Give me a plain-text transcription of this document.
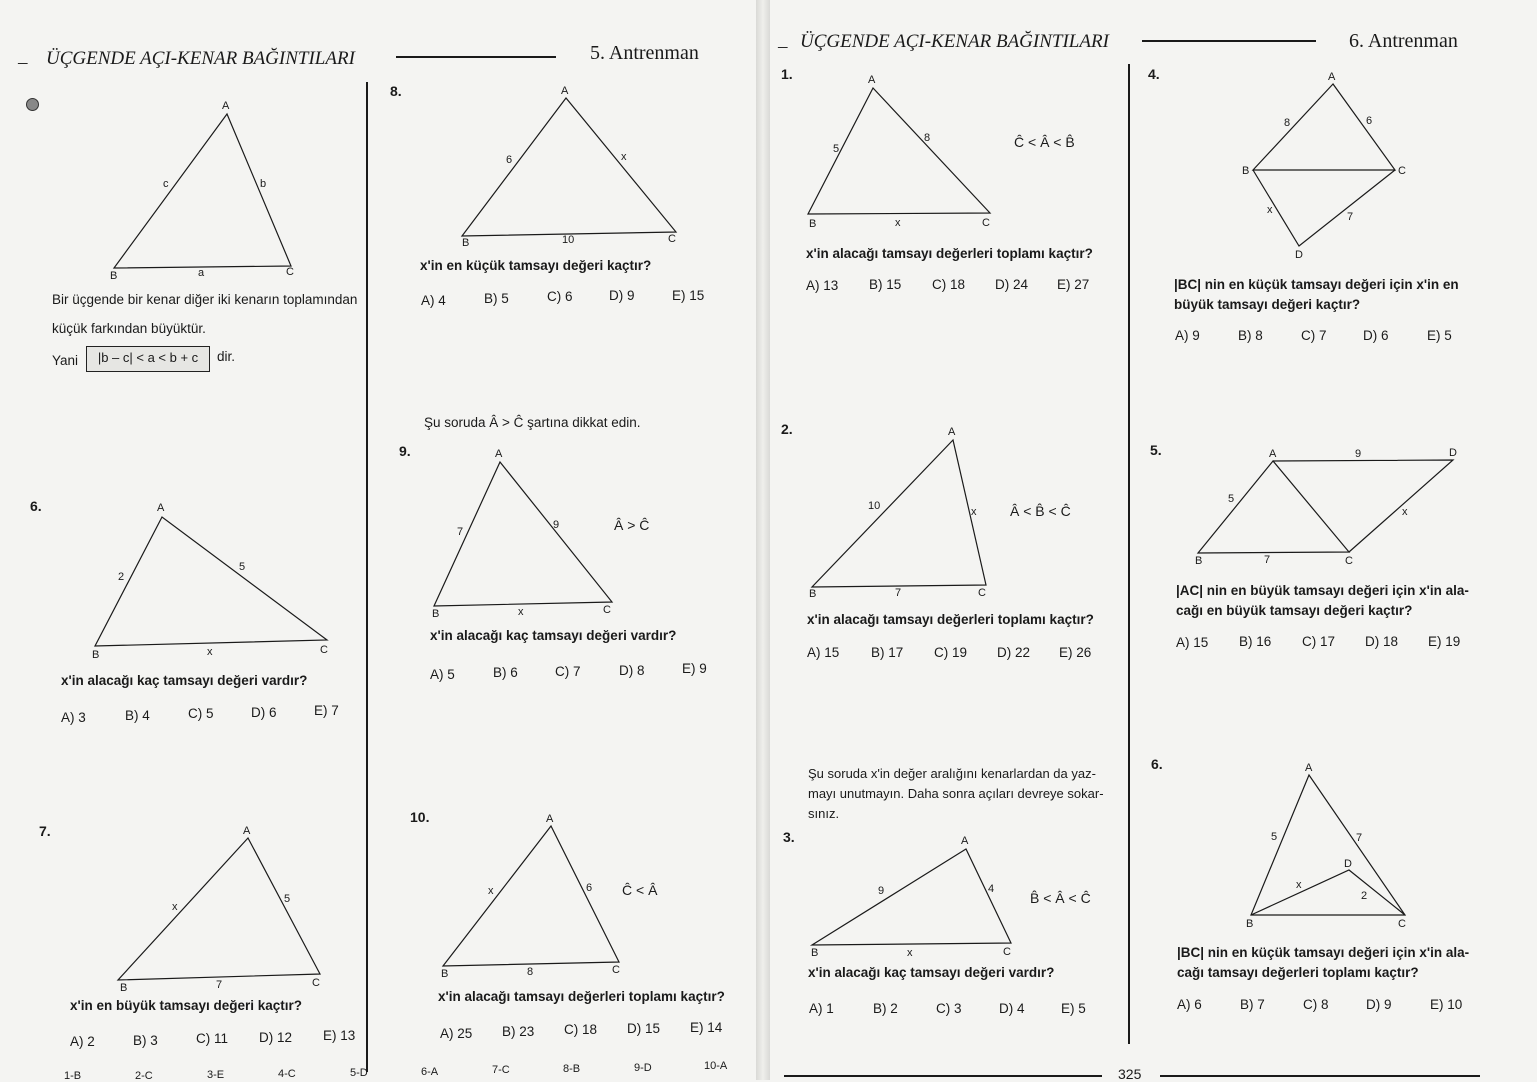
– ÜÇGENDE AÇI-KENAR BAĞINTILARI	5. Antrenman
A
B	C
c	b
a
Bir üçgende bir kenar diğer iki kenarın toplamından
küçük farkından büyüktür.
Yani	|b – c| < a < b + c	dir.
6.	A
B	C
2
5
x
x'in alacağı kaç tamsayı değeri vardır?
A) 3	B) 4	C) 5	D) 6	E) 7
7.	A
B	C
x
5
7
x'in en büyük tamsayı değeri kaçtır?
A) 2	B) 3	C) 11 D) 12 E) 13
8.	A
B	C
6	x
10
x'in en küçük tamsayı değeri kaçtır?
A) 4	B) 5	C) 6	D) 9	E) 15
Şu soruda Â > Ĉ şartına dikkat edin.
9.	A
B	C
7
9
x
Â > Ĉ
x'in alacağı kaç tamsayı değeri vardır?
A) 5	B) 6	C) 7	D) 8	E) 9
10.	A
B	C
x	6
8
Ĉ < Â
x'in alacağı tamsayı değerleri toplamı kaçtır?
A) 25 B) 23 C) 18 D) 15 E) 14
1-B	2-C	3-E	4-C	5-D	6-A	7-C	8-B	9-D	10-A
– ÜÇGENDE AÇI-KENAR BAĞINTILARI	6. Antrenman
1.	A
B	C
5
8
x
Ĉ < Â < B̂
x'in alacağı tamsayı değerleri toplamı kaçtır?
A) 13 B) 15 C) 18 D) 24 E) 27
2.	A
B	C
10	x
7
Â < B̂ < Ĉ
x'in alacağı tamsayı değerleri toplamı kaçtır?
A) 15 B) 17 C) 19 D) 22 E) 26
Şu soruda x'in değer aralığını kenarlardan da yaz-
mayı unutmayın. Daha sonra açıları devreye sokar-
sınız.
3.	A
B	C
9	4
x
B̂ < Â < Ĉ
x'in alacağı kaç tamsayı değeri vardır?
A) 1	B) 2	C) 3	D) 4	E) 5
4.	A
B	C
D
8	6
x
7
|BC| nin en küçük tamsayı değeri için x'in en
büyük tamsayı değeri kaçtır?
A) 9	B) 8	C) 7	D) 6	E) 5
5.	A
B	C
D
9
5
x
7
|AC| nin en büyük tamsayı değeri için x'in ala-
cağı en büyük tamsayı değeri kaçtır?
A) 15 B) 16 C) 17 D) 18 E) 19
6.	A
B	C
D
5	7
x
2
|BC| nin en küçük tamsayı değeri için x'in ala-
cağı tamsayı değerleri toplamı kaçtır?
A) 6	B) 7	C) 8	D) 9	E) 10
325
